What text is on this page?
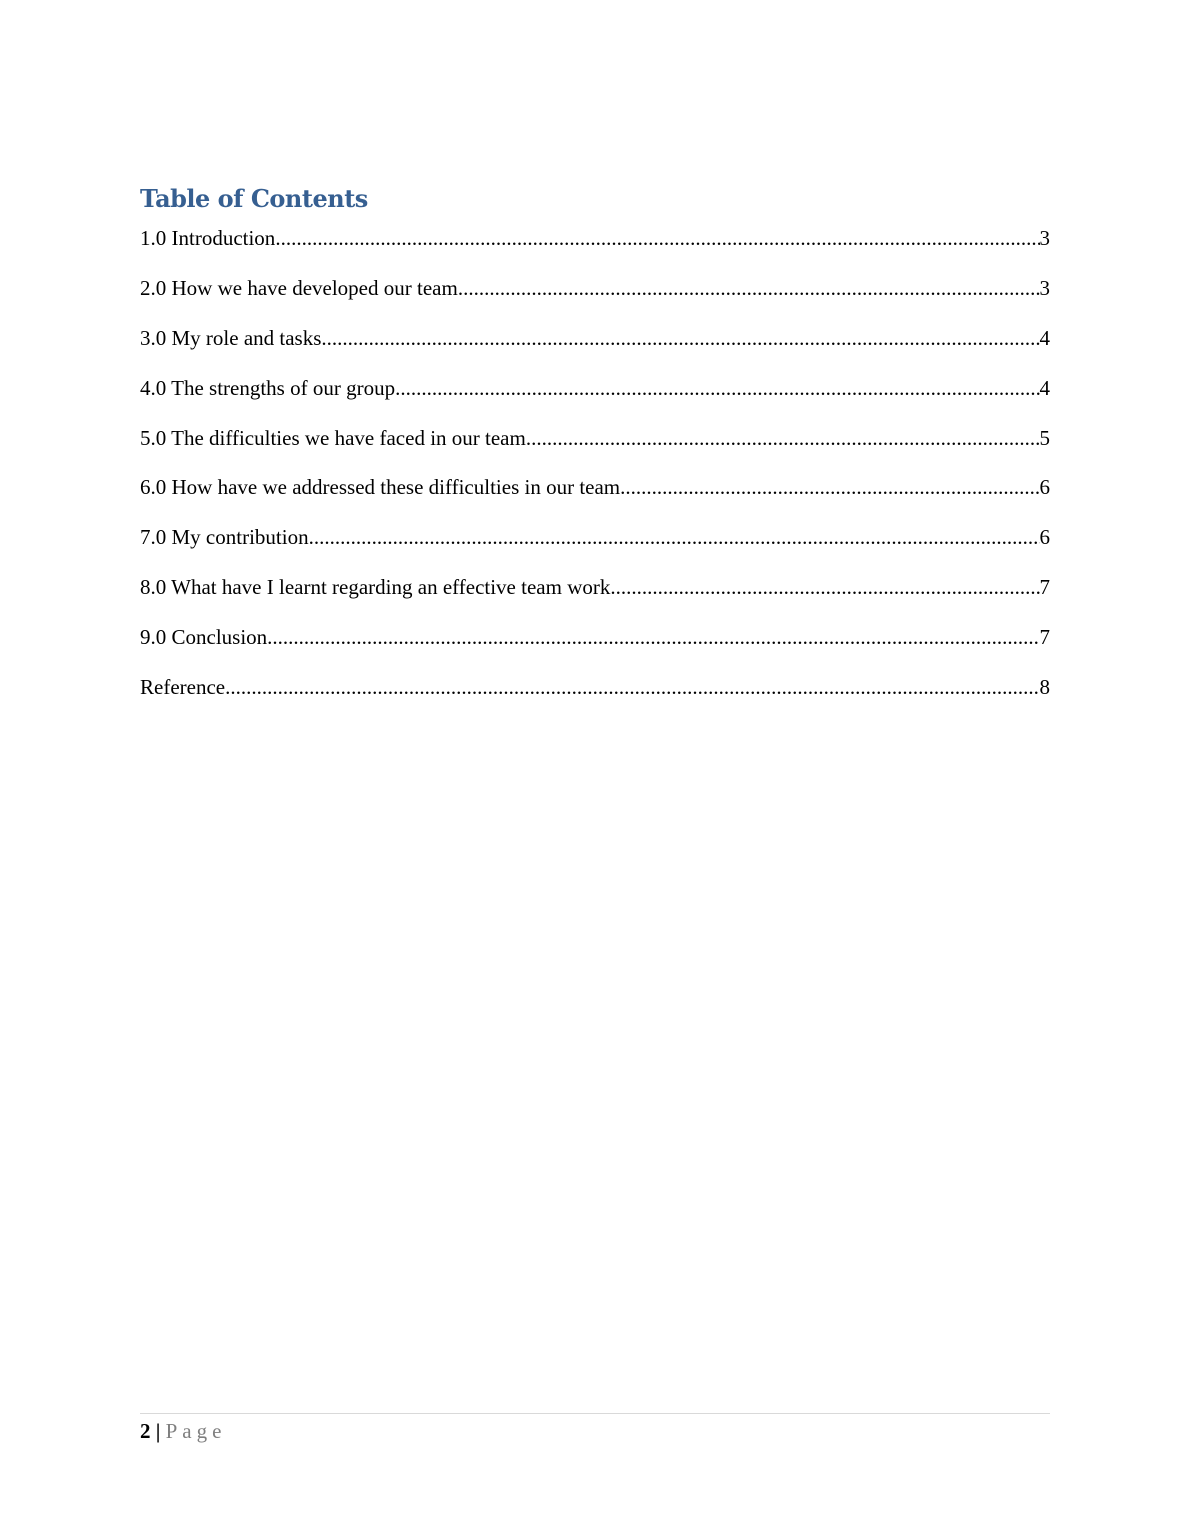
Table of Contents
1.0 Introduction .....	3
2.0 How we have developed our team .....	3
3.0 My role and tasks .....	4
4.0 The strengths of our group .....	4
5.0 The difficulties we have faced in our team .....	5
6.0 How have we addressed these difficulties in our team .....	6
7.0 My contribution .....	6
8.0 What have I learnt regarding an effective team work .....	7
9.0 Conclusion .....	7
Reference .....	8
2 | Page
